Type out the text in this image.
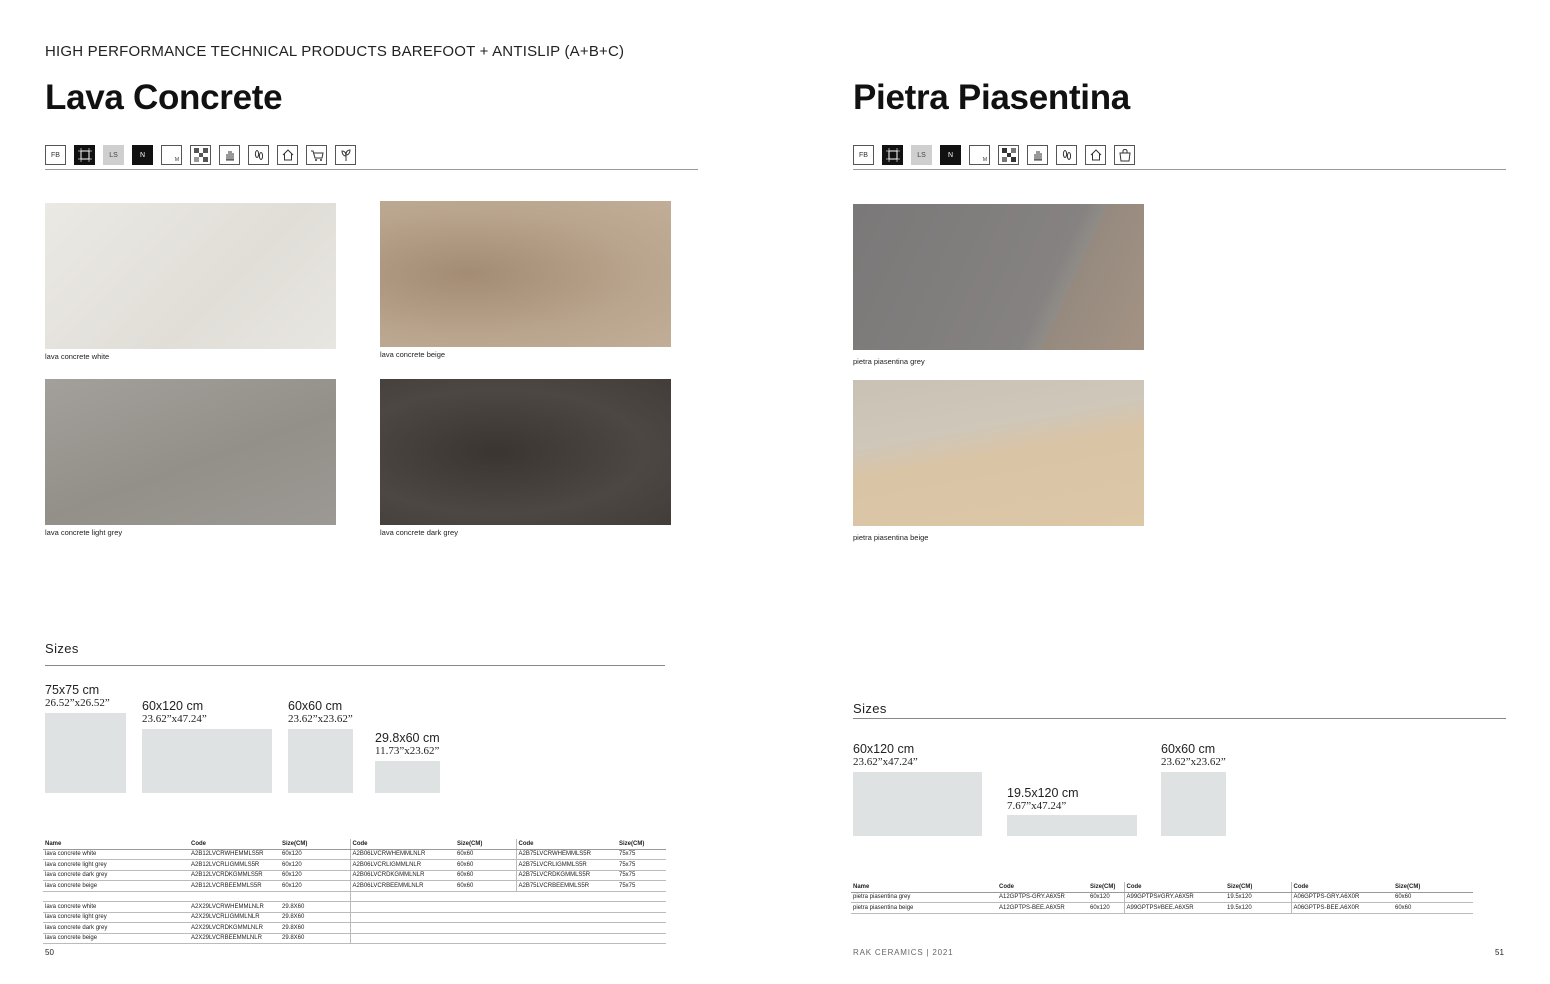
HIGH PERFORMANCE TECHNICAL PRODUCTS BAREFOOT + ANTISLIP (A+B+C)
Lava Concrete
FB	LS	N
M
lava concrete white	lava concrete beige
lava concrete light grey	lava concrete dark grey
Sizes
75x75 cm
26.52”x26.52”	60x120 cm
23.62”x47.24”
60x60 cm
23.62”x23.62”
29.8x60 cm
11.73”x23.62”
Name	Code	Size(CM)	Code	Size(CM)	Code	Size(CM)
lava concrete white	A2B12LVCRWHEMMLS5R	60x120	A2B06LVCRWHEMMLNLR	60x60	A2B75LVCRWHEMMLS5R	75x75
lava concrete light grey	A2B12LVCRLIGMMLS5R	60x120	A2B06LVCRLIGMMLNLR	60x60	A2B75LVCRLIGMMLS5R	75x75
lava concrete dark grey	A2B12LVCRDKGMMLS5R	60x120	A2B06LVCRDKGMMLNLR	60x60	A2B75LVCRDKGMMLS5R	75x75
lava concrete beige	A2B12LVCRBEEMMLS5R	60x120	A2B06LVCRBEEMMLNLR	60x60	A2B75LVCRBEEMMLS5R	75x75

lava concrete white	A2X29LVCRWHEMMLNLR	29.8X60				
lava concrete light grey	A2X29LVCRLIGMMLNLR	29.8X60				
lava concrete dark grey	A2X29LVCRDKGMMLNLR	29.8X60				
lava concrete beige	A2X29LVCRBEEMMLNLR	29.8X60				
50
Pietra Piasentina
FB	LS	N
M
pietra piasentina grey
pietra piasentina beige
Sizes
60x120 cm
23.62”x47.24”
19.5x120 cm
7.67”x47.24”
60x60 cm
23.62”x23.62”
Name	Code	Size(CM)	Code	Size(CM)	Code	Size(CM)
pietra piasentina grey	A12GPTPS-GRY.A6X5R	60x120	A99GPTPS#GRY.A6X5R	19.5x120	A06GPTPS-GRY.A6X0R	60x60
pietra piasentina beige	A12GPTPS-BEE.A6X5R	60x120	A99GPTPS#BEE.A6X5R	19.5x120	A06GPTPS-BEE.A6X0R	60x60
RAK CERAMICS | 2021	51
